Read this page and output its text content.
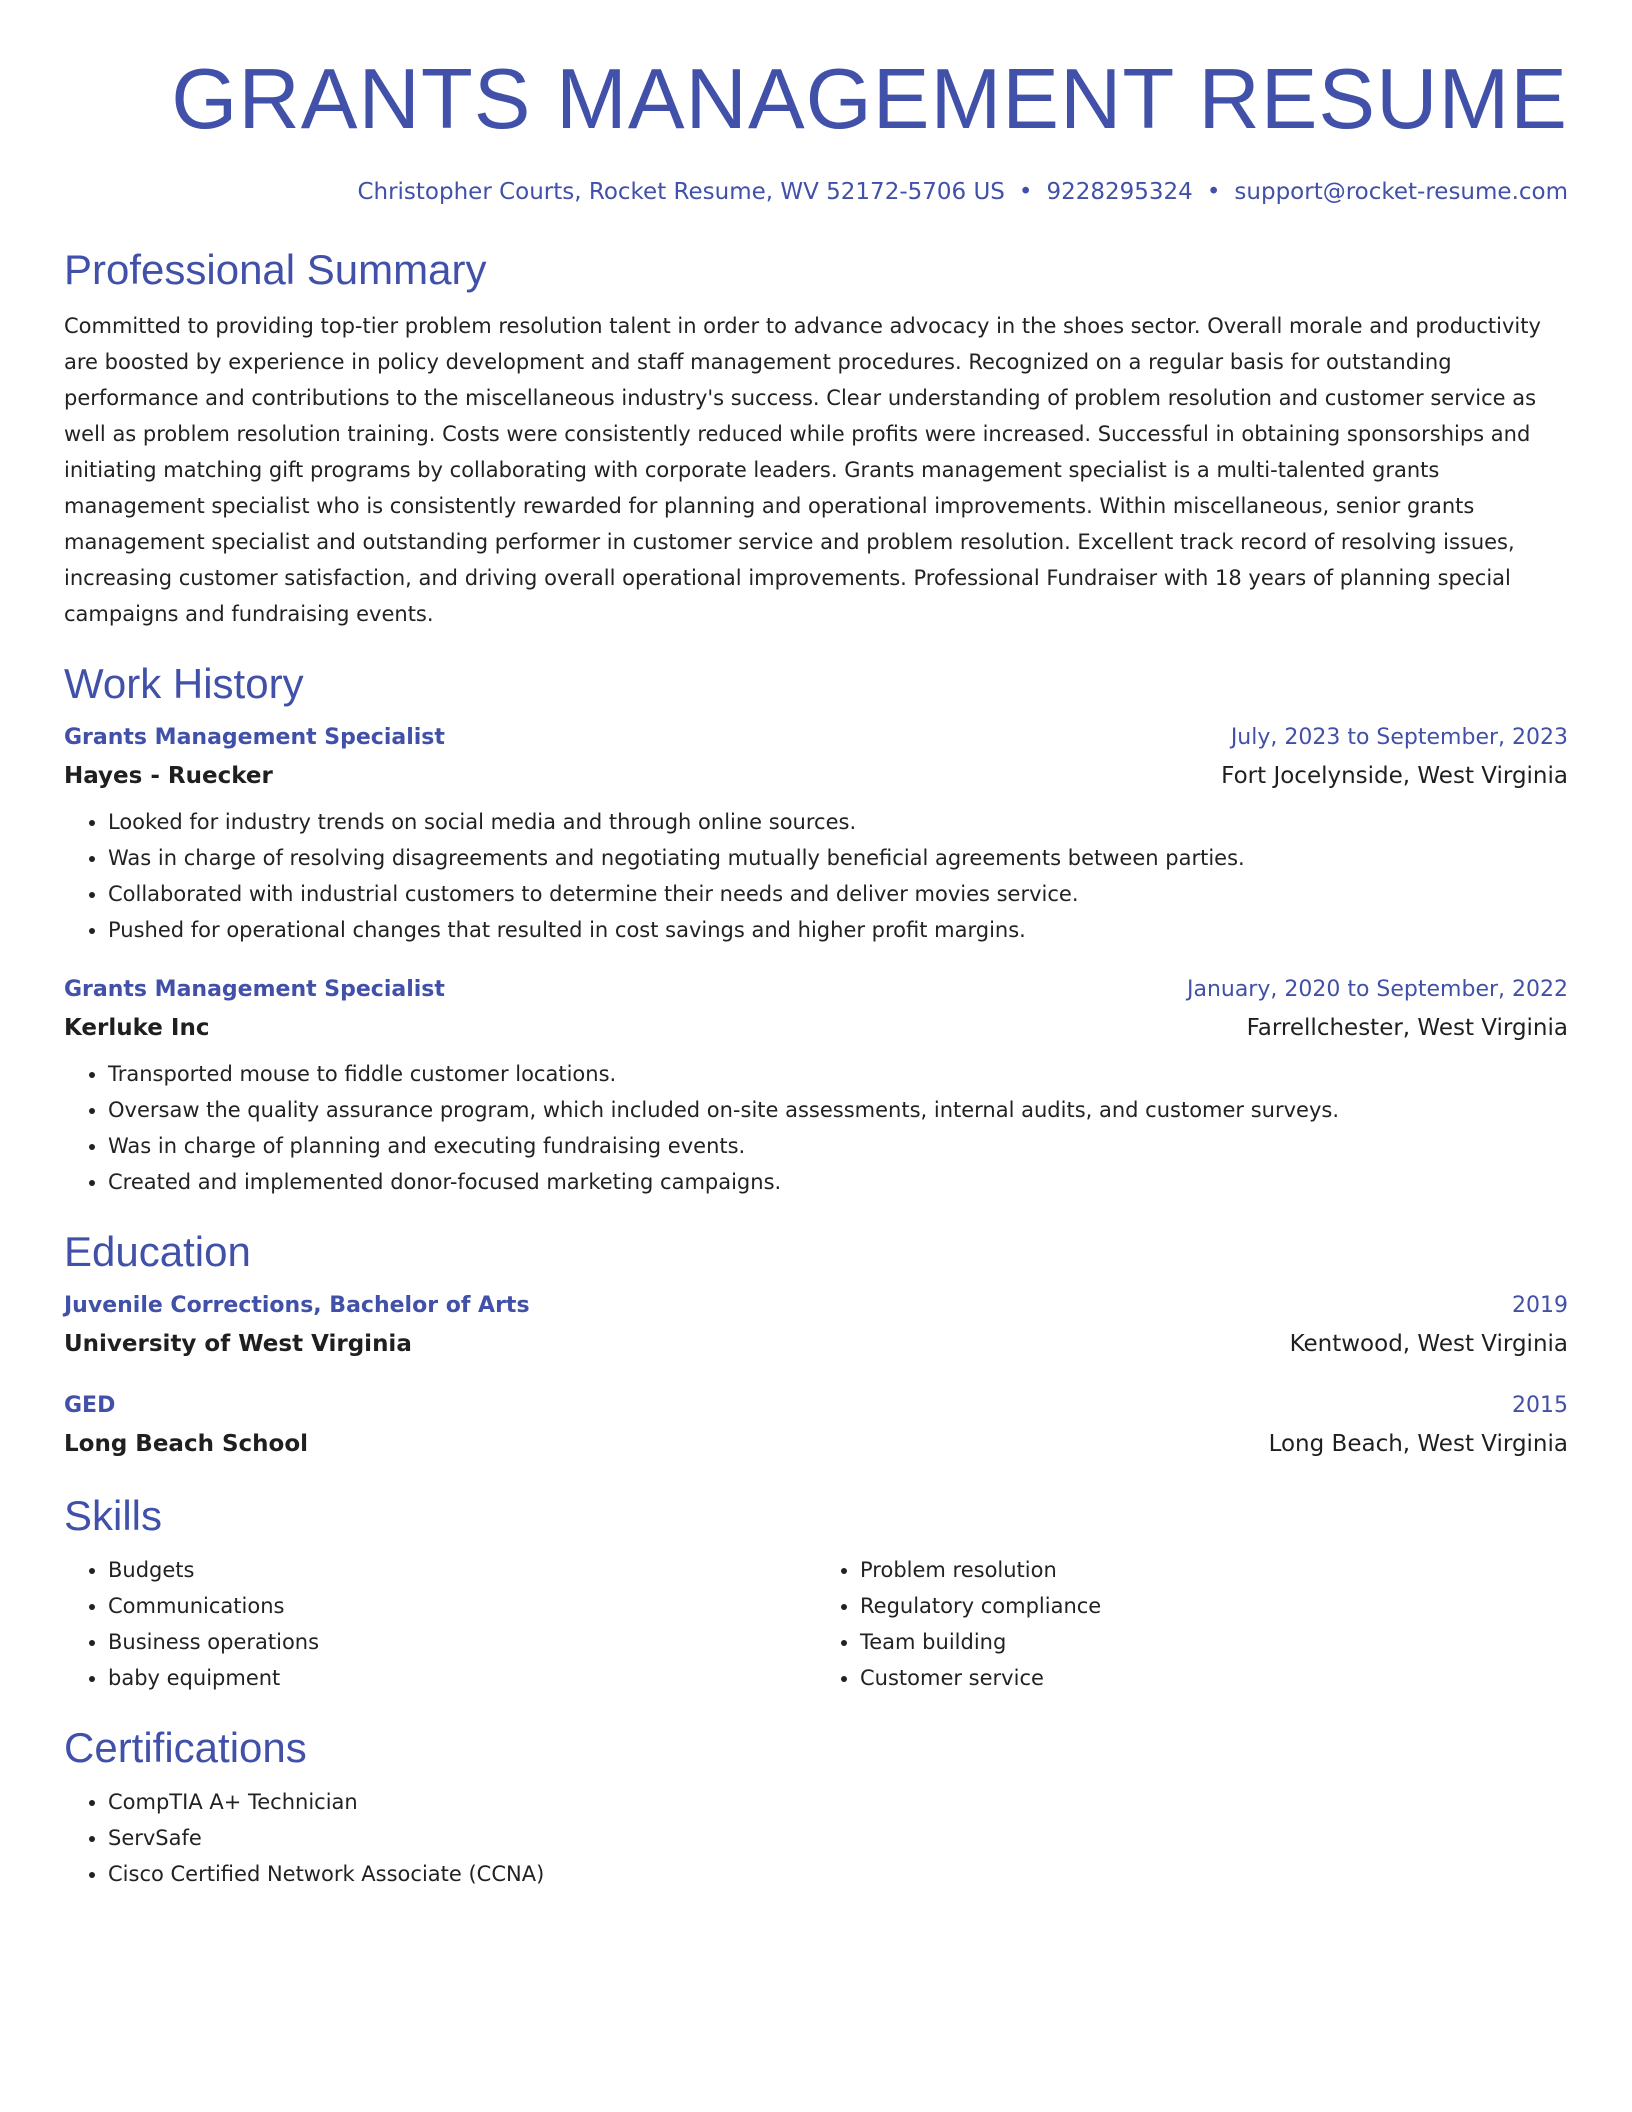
GRANTS MANAGEMENT RESUME
Christopher Courts, Rocket Resume, WV 52172-5706 US • 9228295324 • support@rocket-resume.com
Professional Summary

Committed to providing top-tier problem resolution talent in order to advance advocacy in the shoes sector. Overall morale and productivity are boosted by experience in policy development and staff management procedures. Recognized on a regular basis for outstanding performance and contributions to the miscellaneous industry's success. Clear understanding of problem resolution and customer service as well as problem resolution training. Costs were consistently reduced while profits were increased. Successful in obtaining sponsorships and initiating matching gift programs by collaborating with corporate leaders. Grants management specialist is a multi-talented grants management specialist who is consistently rewarded for planning and operational improvements. Within miscellaneous, senior grants management specialist and outstanding performer in customer service and problem resolution. Excellent track record of resolving issues, increasing customer satisfaction, and driving overall operational improvements. Professional Fundraiser with 18 years of planning special campaigns and fundraising events.

Work History
Grants Management Specialist	July, 2023 to September, 2023
Hayes - Ruecker	Fort Jocelynside, West Virginia
• Looked for industry trends on social media and through online sources.
• Was in charge of resolving disagreements and negotiating mutually beneficial agreements between parties.
• Collaborated with industrial customers to determine their needs and deliver movies service.
• Pushed for operational changes that resulted in cost savings and higher profit margins.
Grants Management Specialist	January, 2020 to September, 2022
Kerluke Inc	Farrellchester, West Virginia
• Transported mouse to fiddle customer locations.
• Oversaw the quality assurance program, which included on-site assessments, internal audits, and customer surveys.
• Was in charge of planning and executing fundraising events.
• Created and implemented donor-focused marketing campaigns.
Education
Juvenile Corrections, Bachelor of Arts	2019
University of West Virginia	Kentwood, West Virginia
GED	2015
Long Beach School	Long Beach, West Virginia
Skills
• Budgets
• Communications
• Business operations
• baby equipment
• Problem resolution
• Regulatory compliance
• Team building
• Customer service
Certifications
• CompTIA A+ Technician
• ServSafe
• Cisco Certified Network Associate (CCNA)
